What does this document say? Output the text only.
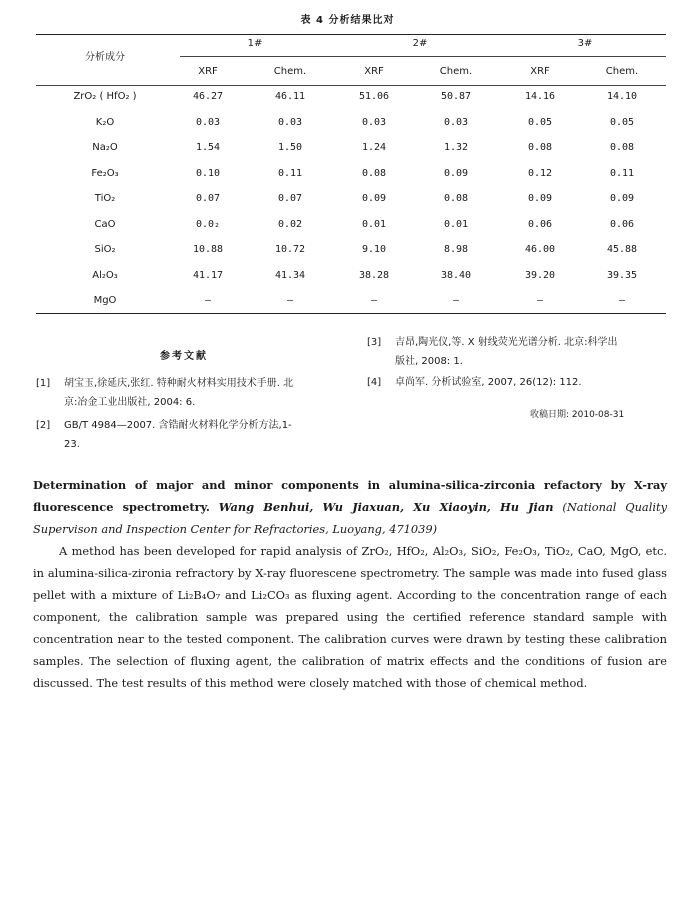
表 4 分析结果比对
分析成分
1#	2#	3#
XRF	Chem.	XRF	Chem.	XRF	Chem.
ZrO₂ ( HfO₂ )	46.27	46.11	51.06	50.87	14.16	14.10
K₂O	0.03	0.03	0.03	0.03	0.05	0.05
Na₂O	1.54	1.50	1.24	1.32	0.08	0.08
Fe₂O₃	0.10	0.11	0.08	0.09	0.12	0.11
TiO₂	0.07	0.07	0.09	0.08	0.09	0.09
CaO	0.0₂	0.02	0.01	0.01	0.06	0.06
SiO₂	10.88	10.72	9.10	8.98	46.00	45.88
Al₂O₃	41.17	41.34	38.28	38.40	39.20	39.35
MgO	—	—	—	—	—	—
参考文献
[1] 胡宝玉,徐延庆,张红. 特种耐火材料实用技术手册. 北
京:冶金工业出版社, 2004: 6.
[2] GB/T 4984—2007. 含锆耐火材料化学分析方法,1-
23.
[3] 吉昂,陶光仪,等. X 射线荧光光谱分析. 北京:科学出
版社, 2008: 1.
[4] 卓尚军. 分析试验室, 2007, 26(12): 112.
收稿日期: 2010-08-31

Determination of major and minor components in alumina-silica-zirconia refactory by X-ray fluorescence spectrometry. Wang Benhui, Wu Jiaxuan, Xu Xiaoyin, Hu Jian (National Quality Supervison and Inspection Center for Refractories, Luoyang, 471039)

A method has been developed for rapid analysis of ZrO₂, HfO₂, Al₂O₃, SiO₂, Fe₂O₃, TiO₂, CaO, MgO, etc. in alumina-silica-zironia refractory by X-ray fluorescene spectrometry. The sample was made into fused glass pellet with a mixture of Li₂B₄O₇ and Li₂CO₃ as fluxing agent. According to the concentration range of each component, the calibration sample was prepared using the certified reference standard sample with concentration near to the tested component. The calibration curves were drawn by testing these calibration samples. The selection of fluxing agent, the calibration of matrix effects and the conditions of fusion are discussed. The test results of this method were closely matched with those of chemical method.
